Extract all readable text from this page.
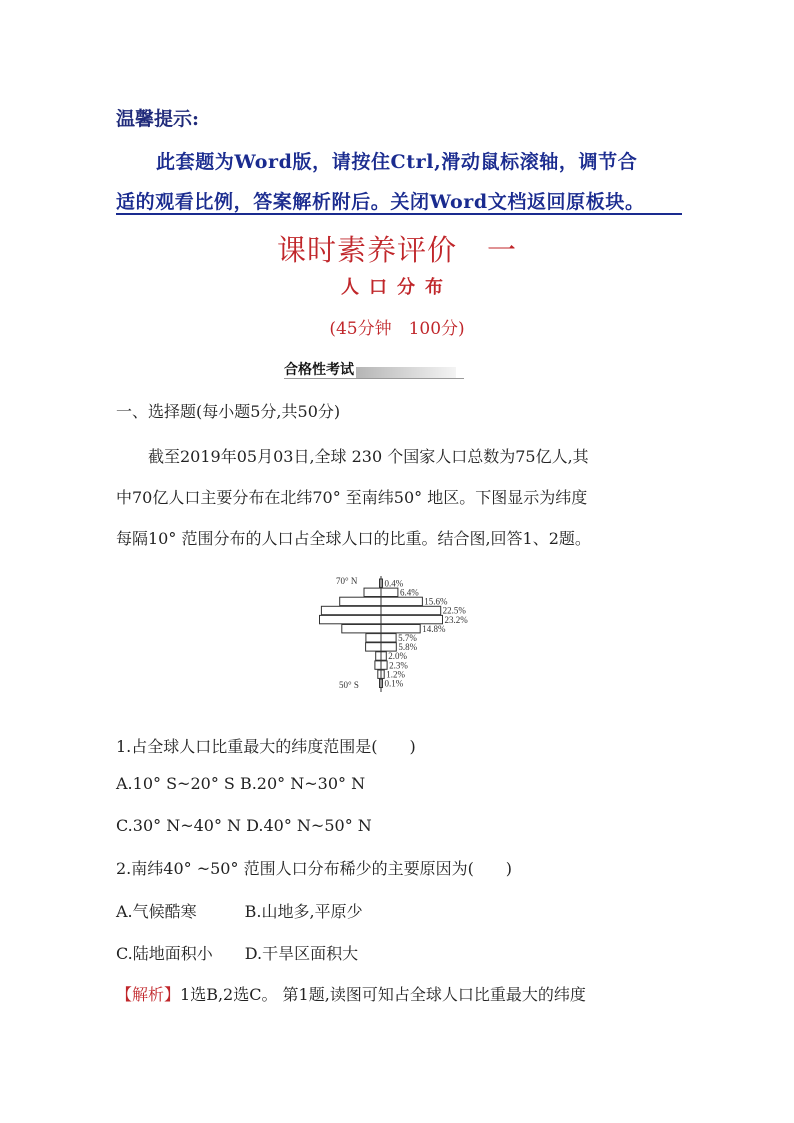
温馨提示:
此套题为Word版，请按住Ctrl,滑动鼠标滚轴，调节合
适的观看比例，答案解析附后。关闭Word文档返回原板块。
课时素养评价　一
人口分布
(45分钟　100分)
合格性考试
一、选择题(每小题5分,共50分)

截至2019年05月03日,全球 230 个国家人口总数为75亿人,其

中70亿人口主要分布在北纬70° 至南纬50° 地区。下图显示为纬度

每隔10° 范围分布的人口占全球人口的比重。结合图,回答1、2题。

0.4%
6.4%
15.6%
22.5%
23.2%
14.8%
5.7%
5.8%
2.0%
2.3%
1.2%
0.1%
70° N
50° S
1.占全球人口比重最大的纬度范围是(　　)
A.10° S~20° S B.20° N~30° N
C.30° N~40° N D.40° N~50° N
2.南纬40° ~50° 范围人口分布稀少的主要原因为(　　)
A.气候酷寒　　　B.山地多,平原少
C.陆地面积小　　D.干旱区面积大
【解析】1选B,2选C。 第1题,读图可知占全球人口比重最大的纬度
